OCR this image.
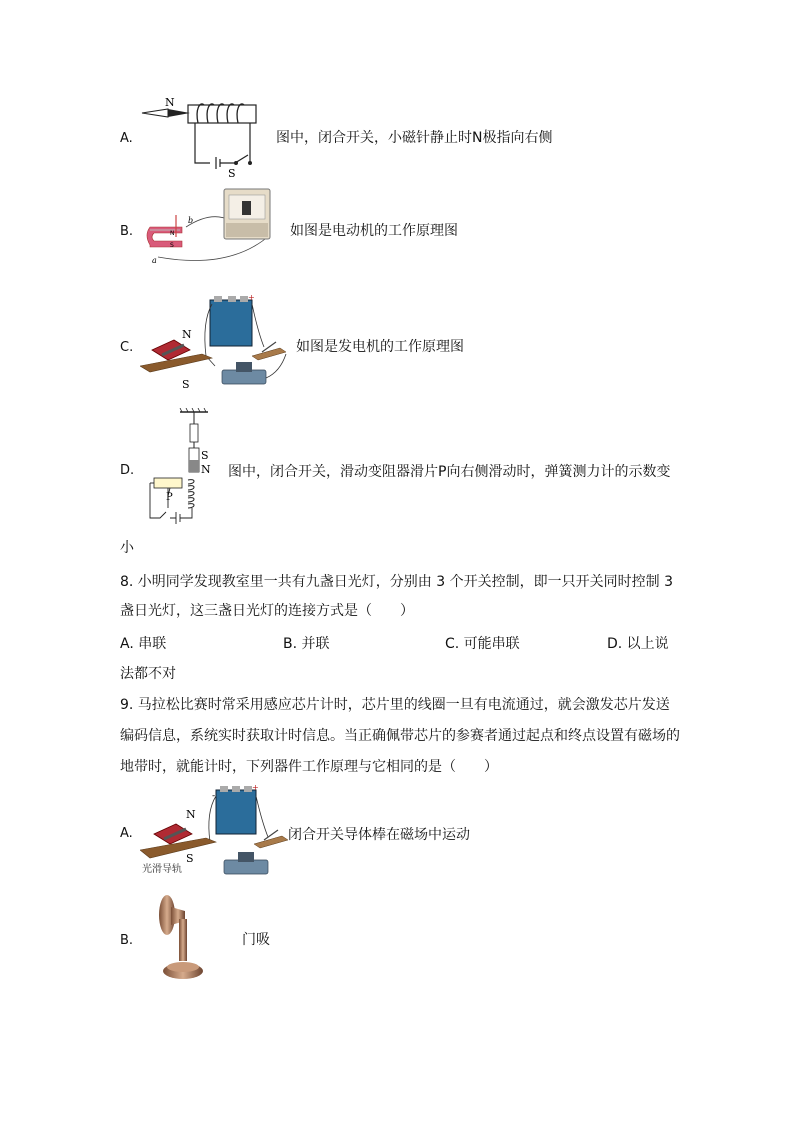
A.
N
S
图中，闭合开关，小磁针静止时N极指向右侧
B.	N
S
a
b
如图是电动机的工作原理图
C.
+
N
S
如图是发电机的工作原理图
D.
S
N
P
图中，闭合开关，滑动变阻器滑片P向右侧滑动时，弹簧测力计的示数变
小
8. 小明同学发现教室里一共有九盏日光灯，分别由 3 个开关控制，即一只开关同时控制 3
盏日光灯，这三盏日光灯的连接方式是（　　）
A. 串联	B. 并联	C. 可能串联	D. 以上说
法都不对
9. 马拉松比赛时常采用感应芯片计时，芯片里的线圈一旦有电流通过，就会激发芯片发送
编码信息，系统实时获取计时信息。当正确佩带芯片的参赛者通过起点和终点设置有磁场的
地带时，就能计时，下列器件工作原理与它相同的是（　　）
A.
+
-
N
S
光滑导轨
闭合开关导体棒在磁场中运动
B.	门吸
